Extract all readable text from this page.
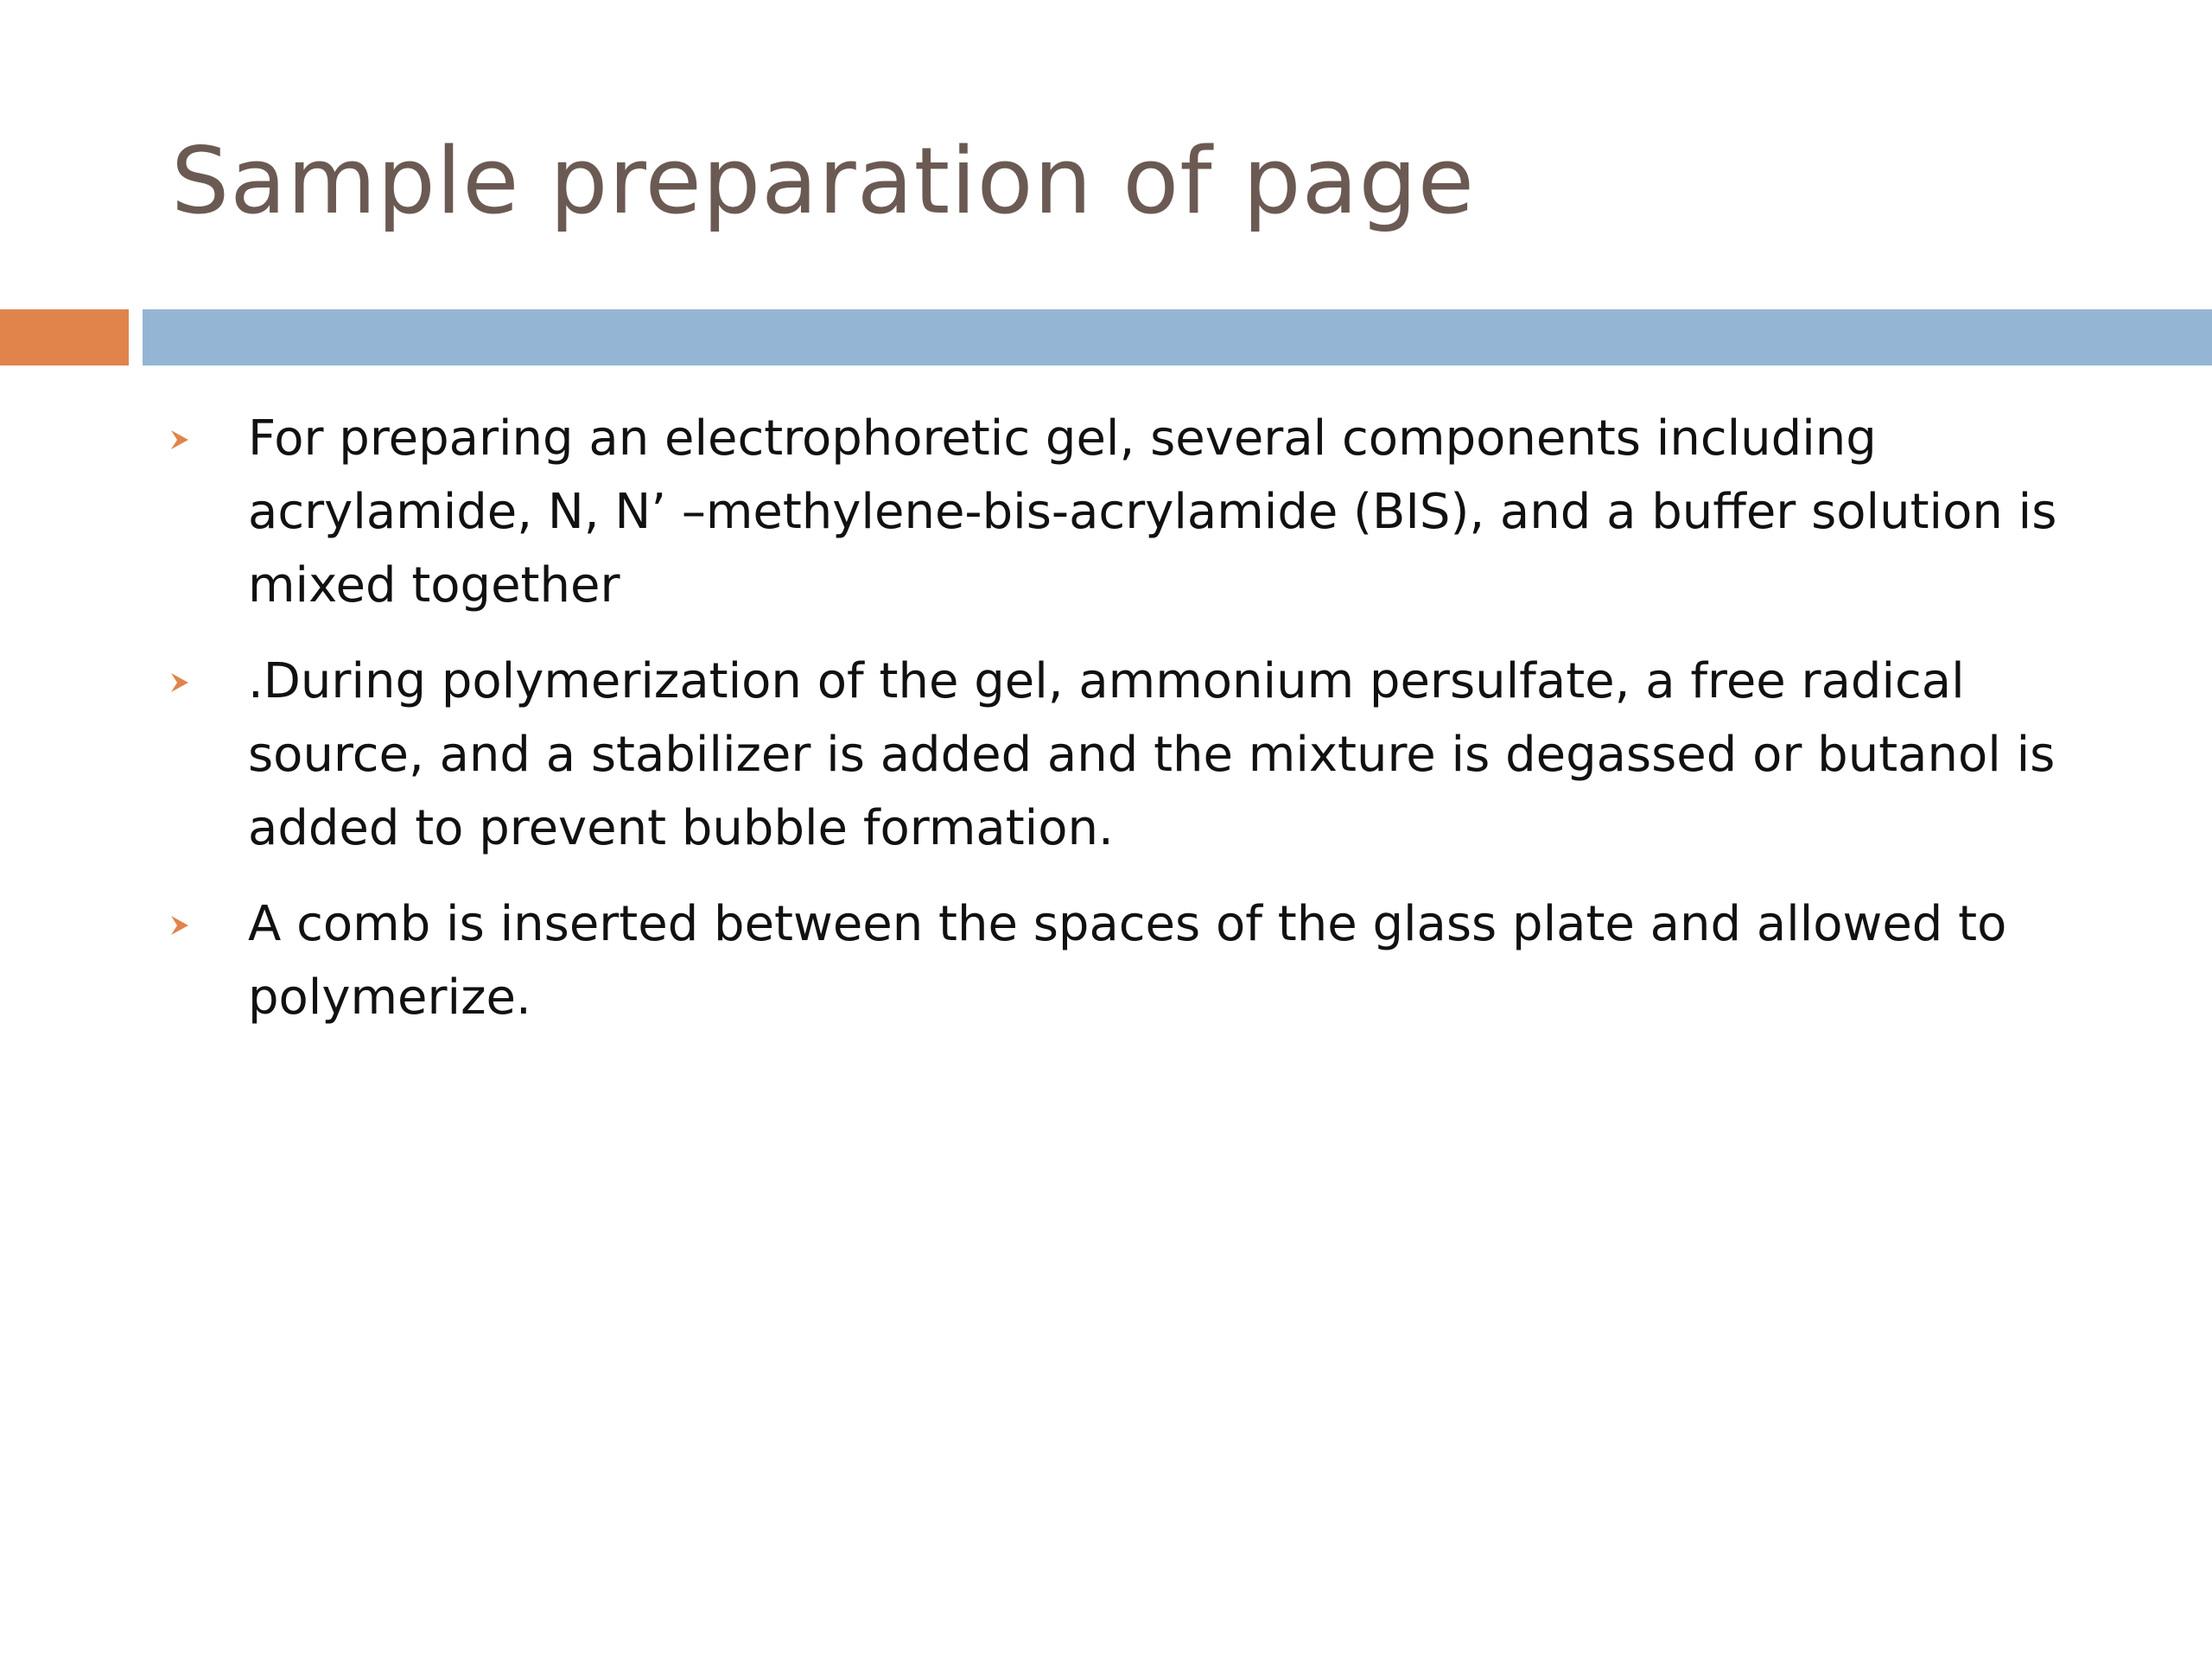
Sample preparation of page
For preparing an electrophoretic gel, several components including acrylamide, N, N’ –methylene-bis-acrylamide (BIS), and a buffer solution is mixed together
.During polymerization of the gel, ammonium persulfate, a free radical source, and a stabilizer is added and the mixture is degassed or butanol is added to prevent bubble formation.
A comb is inserted between the spaces of the glass plate and allowed to polymerize.
